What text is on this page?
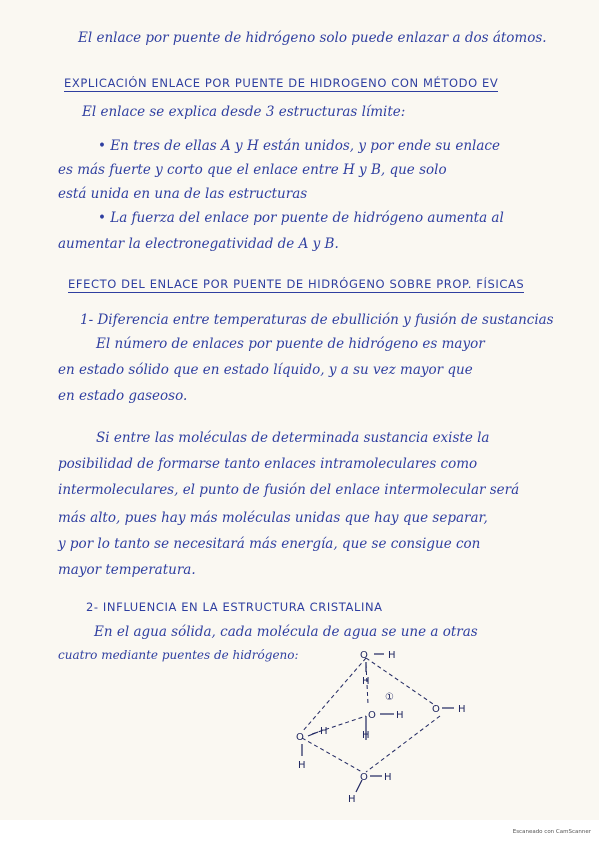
El enlace por puente de hidrógeno solo puede enlazar a dos átomos.
EXPLICACIÓN ENLACE POR PUENTE DE HIDROGENO CON MÉTODO EV
El enlace se explica desde 3 estructuras límite:
• En tres de ellas A y H están unidos, y por ende su enlace
es más fuerte y corto que el enlace entre H y B, que solo
está unida en una de las estructuras
• La fuerza del enlace por puente de hidrógeno aumenta al
aumentar la electronegatividad de A y B.
EFECTO DEL ENLACE POR PUENTE DE HIDRÓGENO SOBRE PROP. FÍSICAS
1- Diferencia entre temperaturas de ebullición y fusión de sustancias
El número de enlaces por puente de hidrógeno es mayor
en estado sólido que en estado líquido, y a su vez mayor que
en estado gaseoso.
Si entre las moléculas de determinada sustancia existe la
posibilidad de formarse tanto enlaces intramoleculares como
intermoleculares, el punto de fusión del enlace intermolecular será
más alto, pues hay más moléculas unidas que hay que separar,
y por lo tanto se necesitará más energía, que se consigue con
mayor temperatura.
2- INFLUENCIA EN LA ESTRUCTURA CRISTALINA
En el agua sólida, cada molécula de agua se une a otras
cuatro mediante puentes de hidrógeno:	O H
H
①
O H
O H
O
H	H
H
O H
H
Escaneado con CamScanner
